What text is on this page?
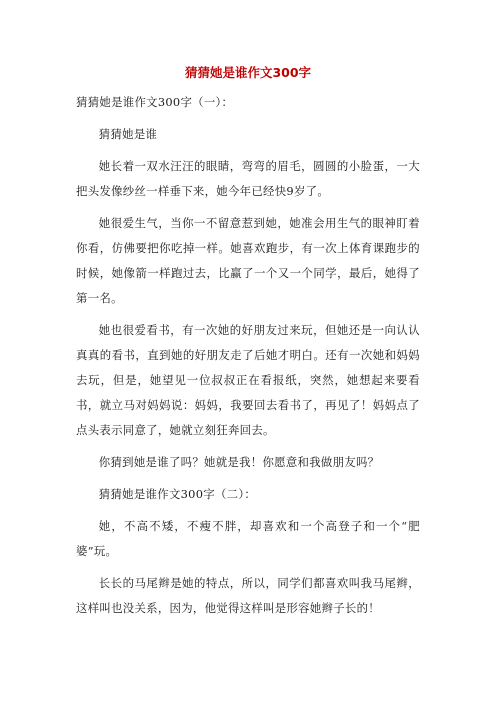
猜猜她是谁作文300字

猜猜她是谁作文300字（一）：

猜猜她是谁

她长着一双水汪汪的眼睛，弯弯的眉毛，圆圆的小脸蛋，一大把头发像纱丝一样垂下来，她今年已经快9岁了。

她很爱生气，当你一不留意惹到她，她准会用生气的眼神盯着你看，仿佛要把你吃掉一样。她喜欢跑步，有一次上体育课跑步的时候，她像箭一样跑过去，比赢了一个又一个同学，最后，她得了第一名。

她也很爱看书，有一次她的好朋友过来玩，但她还是一向认认真真的看书，直到她的好朋友走了后她才明白。还有一次她和妈妈去玩，但是，她望见一位叔叔正在看报纸，突然，她想起来要看书，就立马对妈妈说：妈妈，我要回去看书了，再见了！妈妈点了点头表示同意了，她就立刻狂奔回去。

你猜到她是谁了吗？她就是我！你愿意和我做朋友吗？

猜猜她是谁作文300字（二）：

她，不高不矮，不瘦不胖，却喜欢和一个高登子和一个“肥婆”玩。

长长的马尾辫是她的特点，所以，同学们都喜欢叫我马尾辫，这样叫也没关系，因为，他觉得这样叫是形容她辫子长的！
